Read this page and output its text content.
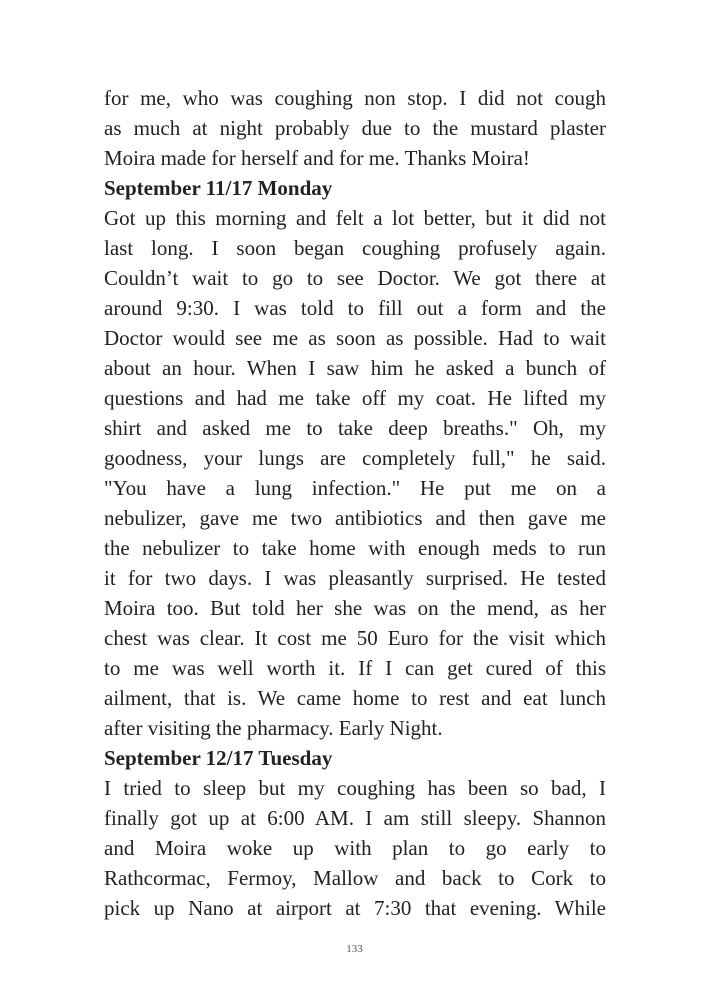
for me, who was coughing non stop. I did not cough
as much at night probably due to the mustard plaster
Moira made for herself and for me. Thanks Moira!
September 11/17 Monday
Got up this morning and felt a lot better, but it did not
last long. I soon began coughing profusely again.
Couldn’t wait to go to see Doctor. We got there at
around 9:30. I was told to fill out a form and the
Doctor would see me as soon as possible. Had to wait
about an hour. When I saw him he asked a bunch of
questions and had me take off my coat. He lifted my
shirt and asked me to take deep breaths." Oh, my
goodness, your lungs are completely full," he said.
"You have a lung infection." He put me on a
nebulizer, gave me two antibiotics and then gave me
the nebulizer to take home with enough meds to run
it for two days. I was pleasantly surprised. He tested
Moira too. But told her she was on the mend, as her
chest was clear. It cost me 50 Euro for the visit which
to me was well worth it. If I can get cured of this
ailment, that is. We came home to rest and eat lunch
after visiting the pharmacy. Early Night.
September 12/17 Tuesday
I tried to sleep but my coughing has been so bad, I
finally got up at 6:00 AM. I am still sleepy. Shannon
and Moira woke up with plan to go early to
Rathcormac, Fermoy, Mallow and back to Cork to
pick up Nano at airport at 7:30 that evening. While
133
